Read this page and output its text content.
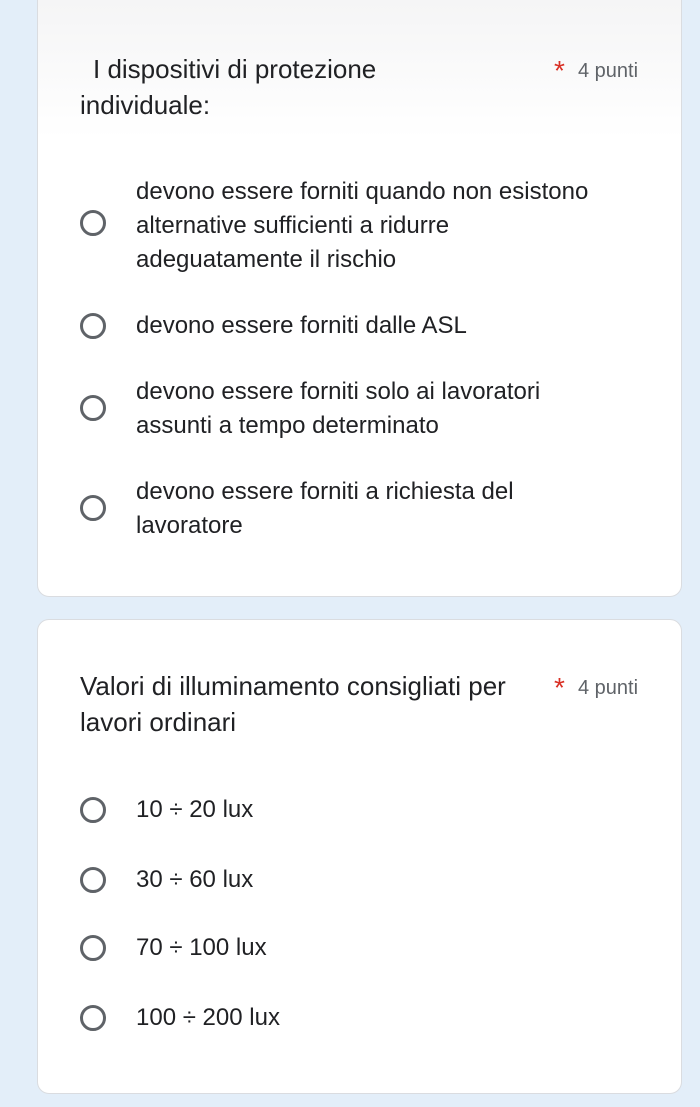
I dispositivi di protezione
individuale:
* 4 punti
devono essere forniti quando non esistono
alternative sufficienti a ridurre
adeguatamente il rischio
devono essere forniti dalle ASL
devono essere forniti solo ai lavoratori
assunti a tempo determinato
devono essere forniti a richiesta del
lavoratore
Valori di illuminamento consigliati per
lavori ordinari
* 4 punti
10 ÷ 20 lux
30 ÷ 60 lux
70 ÷ 100 lux
100 ÷ 200 lux
